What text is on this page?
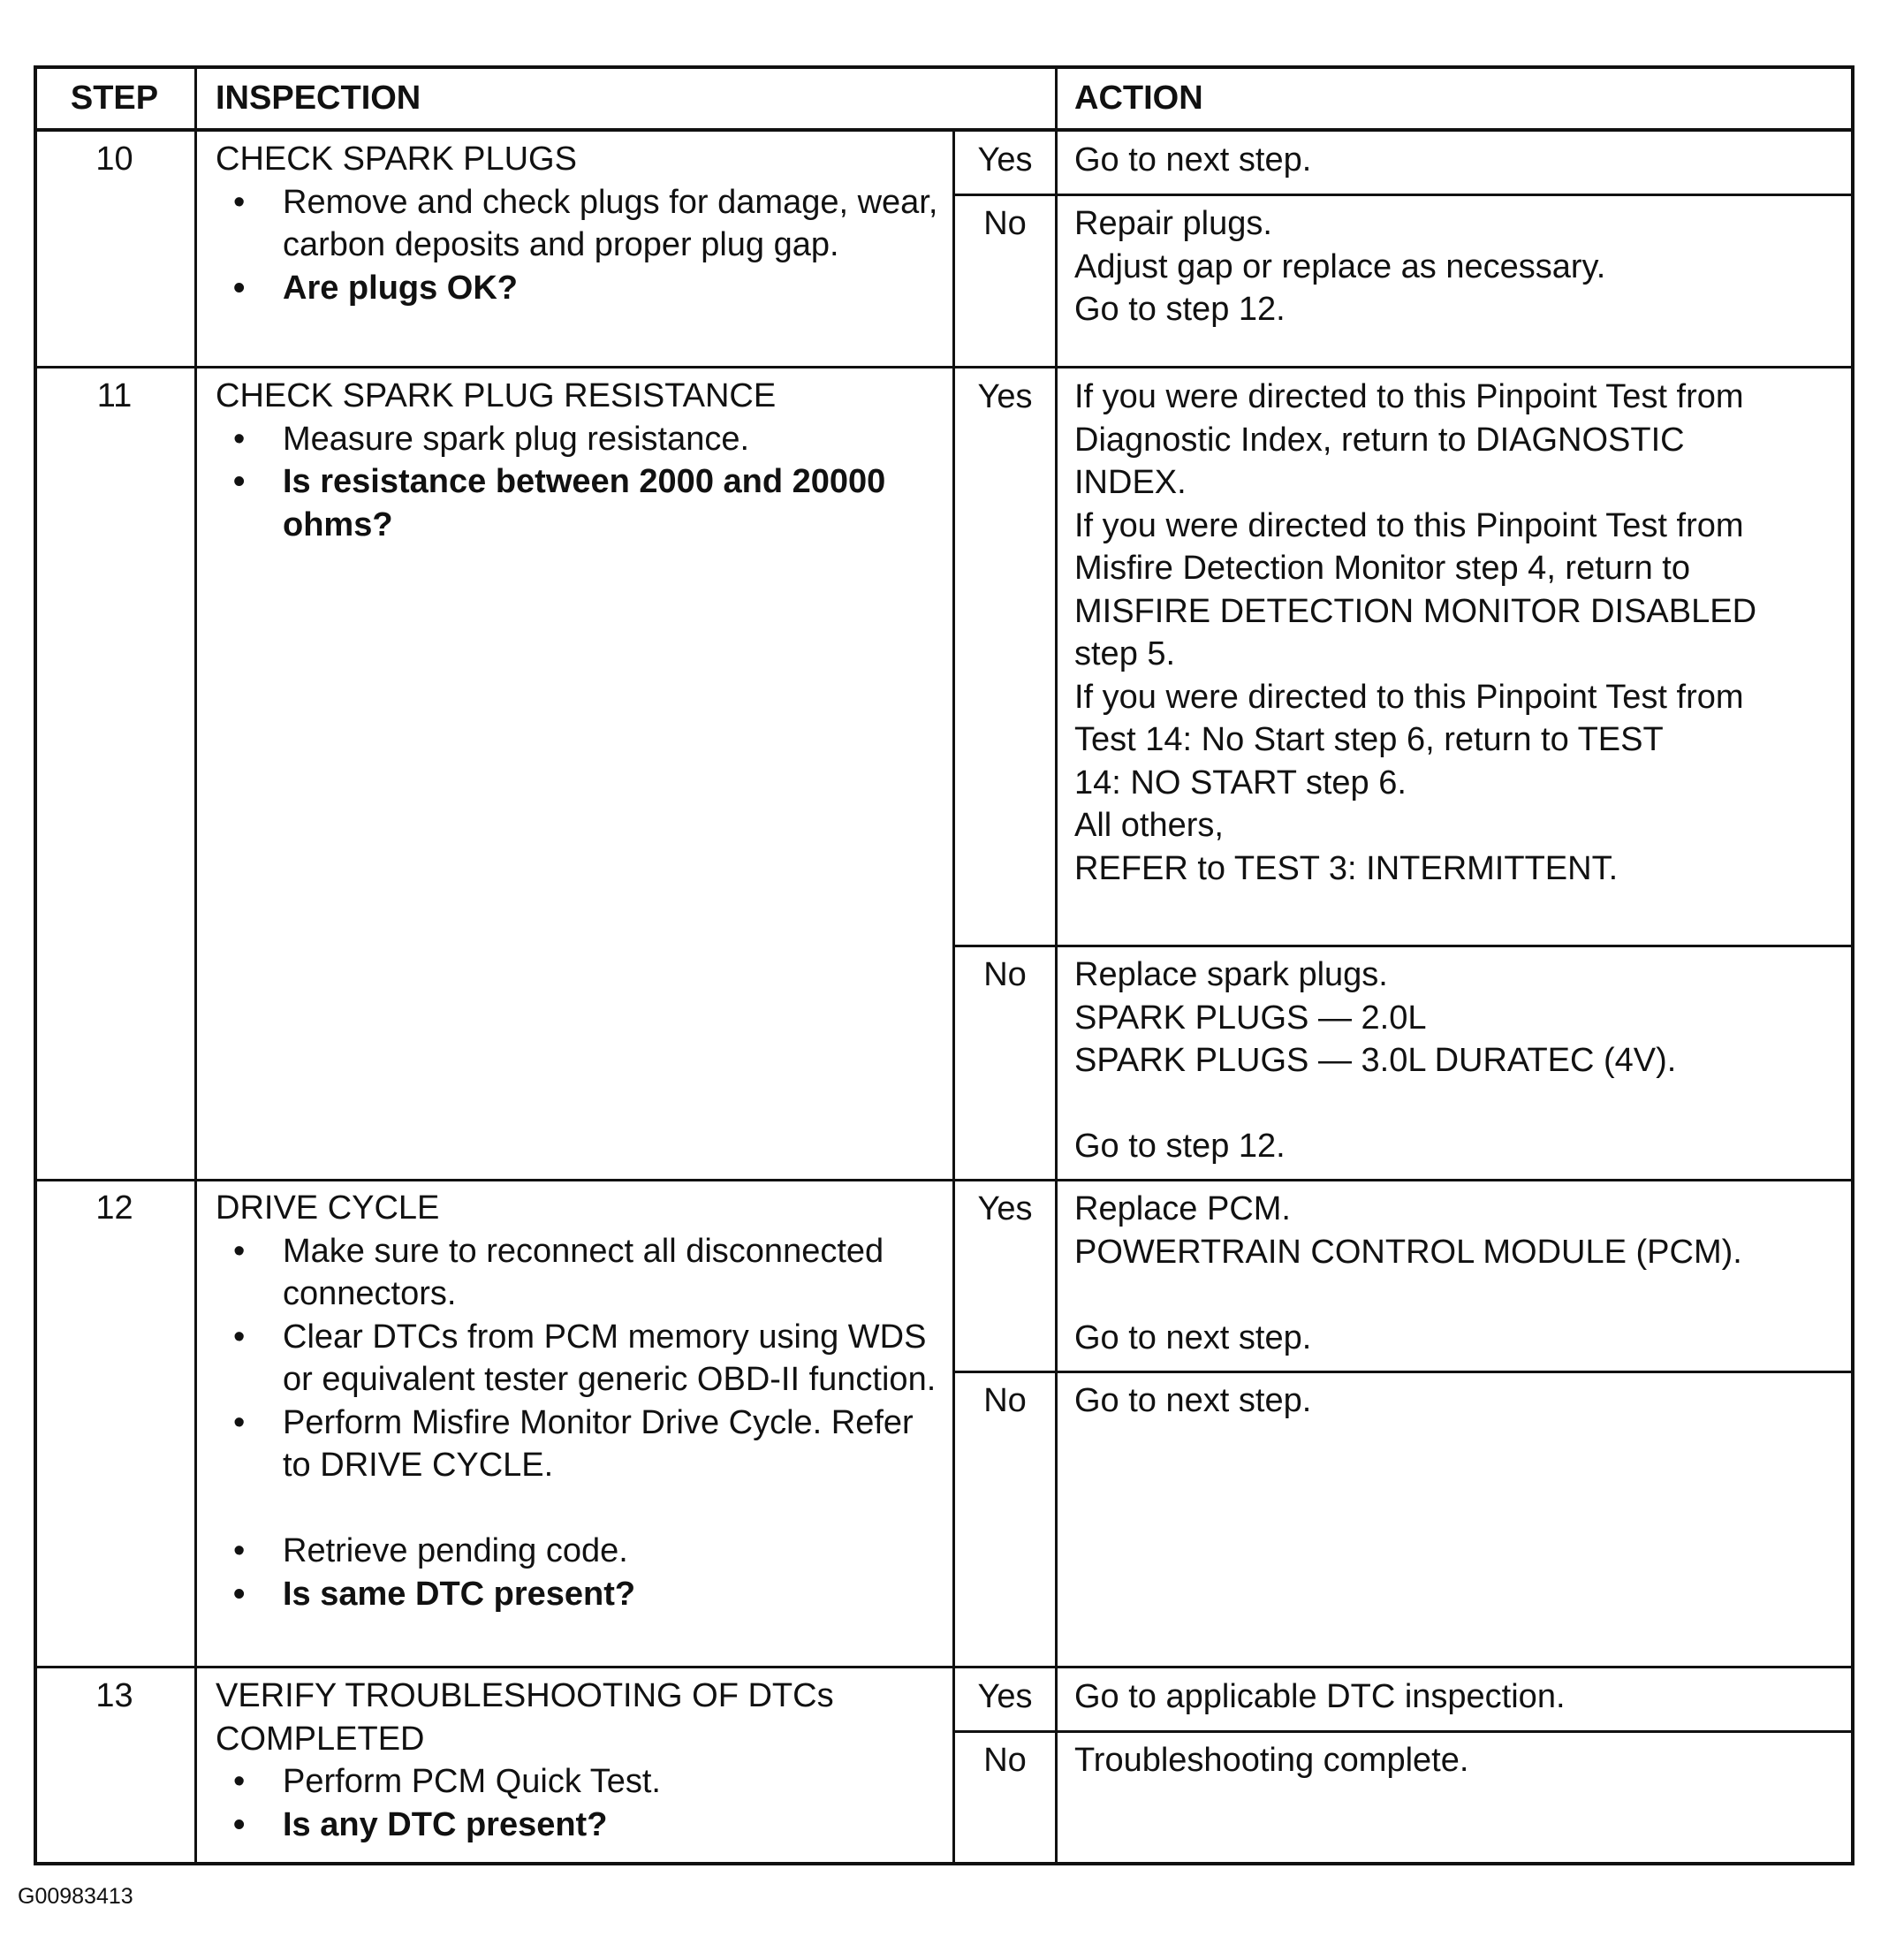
STEP	INSPECTION	ACTION
10	CHECK SPARK PLUGS
• Remove and check plugs for damage, wear, carbon deposits and proper plug gap.
• Are plugs OK?
Yes	Go to next step.
No	Repair plugs.
Adjust gap or replace as necessary.
Go to step 12.
11	CHECK SPARK PLUG RESISTANCE
• Measure spark plug resistance.
• Is resistance between 2000 and 20000 ohms?
Yes	If you were directed to this Pinpoint Test from
Diagnostic Index, return to DIAGNOSTIC
INDEX.
If you were directed to this Pinpoint Test from
Misfire Detection Monitor step 4, return to
MISFIRE DETECTION MONITOR DISABLED
step 5.
If you were directed to this Pinpoint Test from
Test 14: No Start step 6, return to TEST
14: NO START step 6.
All others,
REFER to TEST 3: INTERMITTENT.
No	Replace spark plugs.
SPARK PLUGS — 2.0L
SPARK PLUGS — 3.0L DURATEC (4V).
Go to step 12.
12	DRIVE CYCLE
• Make sure to reconnect all disconnected connectors.
• Clear DTCs from PCM memory using WDS or equivalent tester generic OBD-II function.
• Perform Misfire Monitor Drive Cycle. Refer to DRIVE CYCLE.
• Retrieve pending code.
• Is same DTC present?
Yes	Replace PCM.
POWERTRAIN CONTROL MODULE (PCM).
Go to next step.
No	Go to next step.
13	VERIFY TROUBLESHOOTING OF DTCs COMPLETED
• Perform PCM Quick Test.
• Is any DTC present?
Yes	Go to applicable DTC inspection.
No	Troubleshooting complete.
G00983413
